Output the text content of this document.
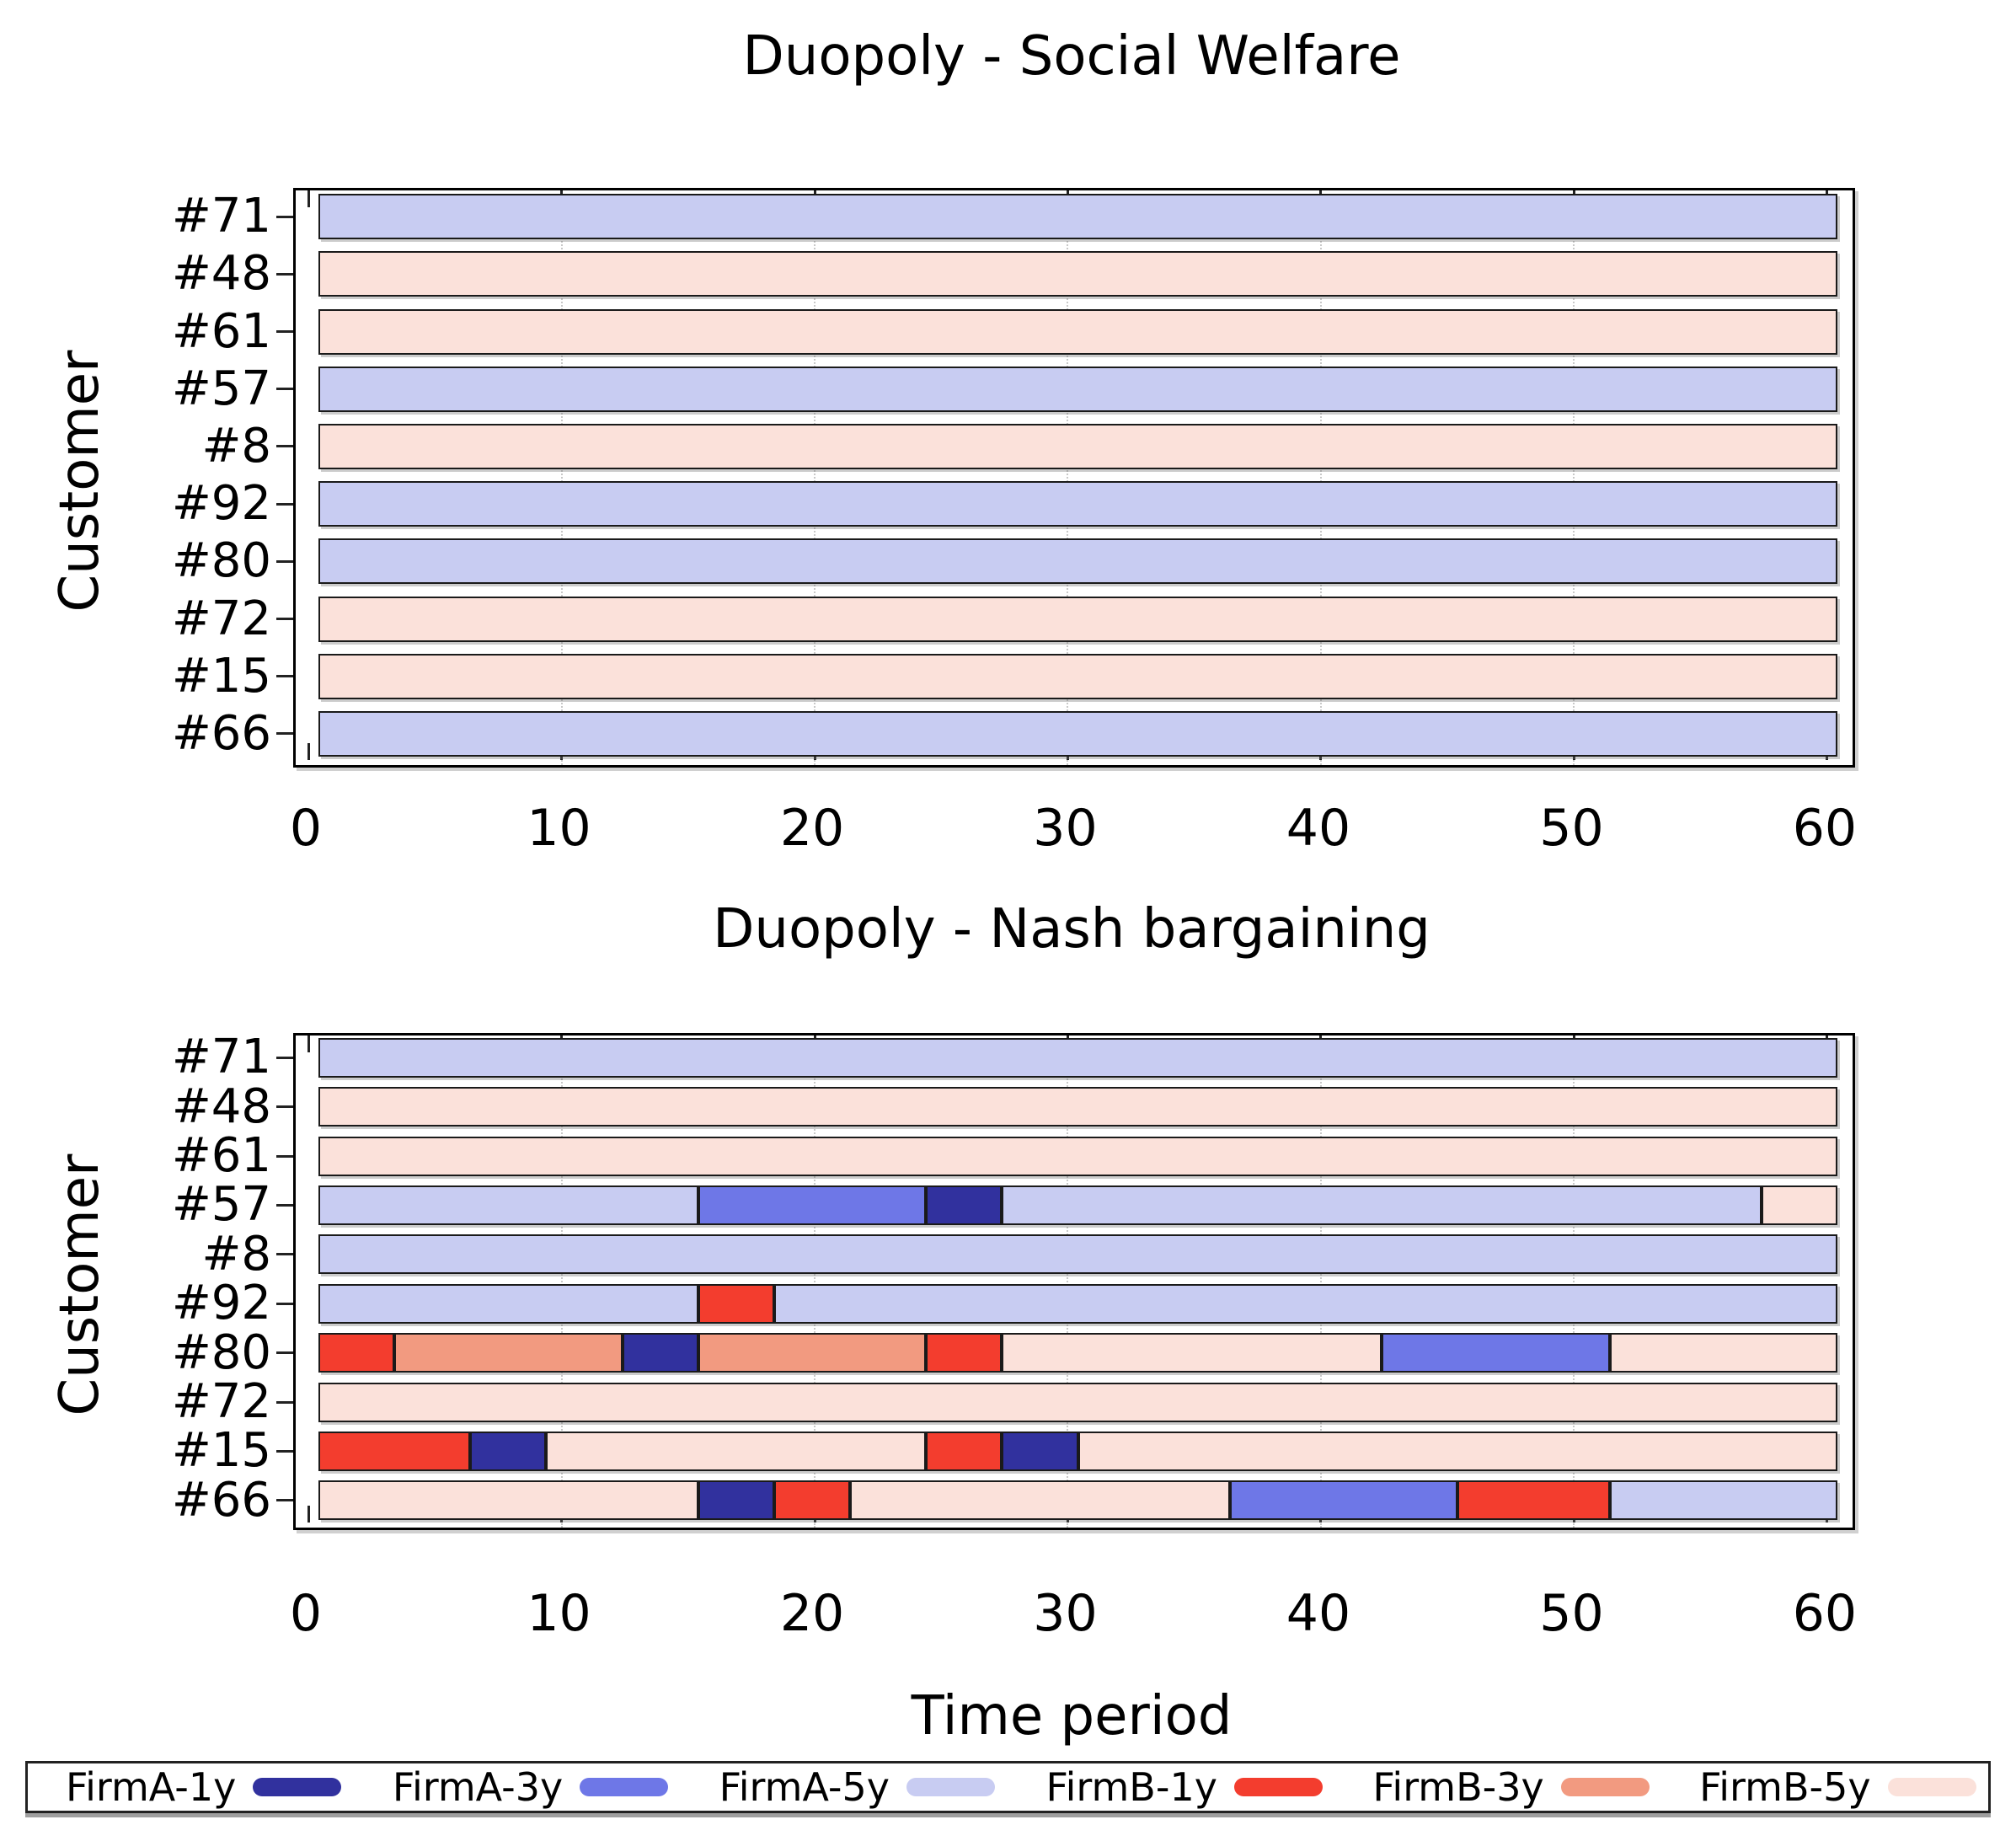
Duopoly - Social Welfare
Customer
#71
#48
#61
#57
#8
#92
#80
#72
#15
#66
0	10	20	30	40	50	60
Duopoly - Nash bargaining
Customer
#71
#48
#61
#57
#8
#92
#80
#72
#15
#66
0	10	20	30	40	50	60
Time period
FirmA-1y	FirmA-3y	FirmA-5y	FirmB-1y	FirmB-3y	FirmB-5y
